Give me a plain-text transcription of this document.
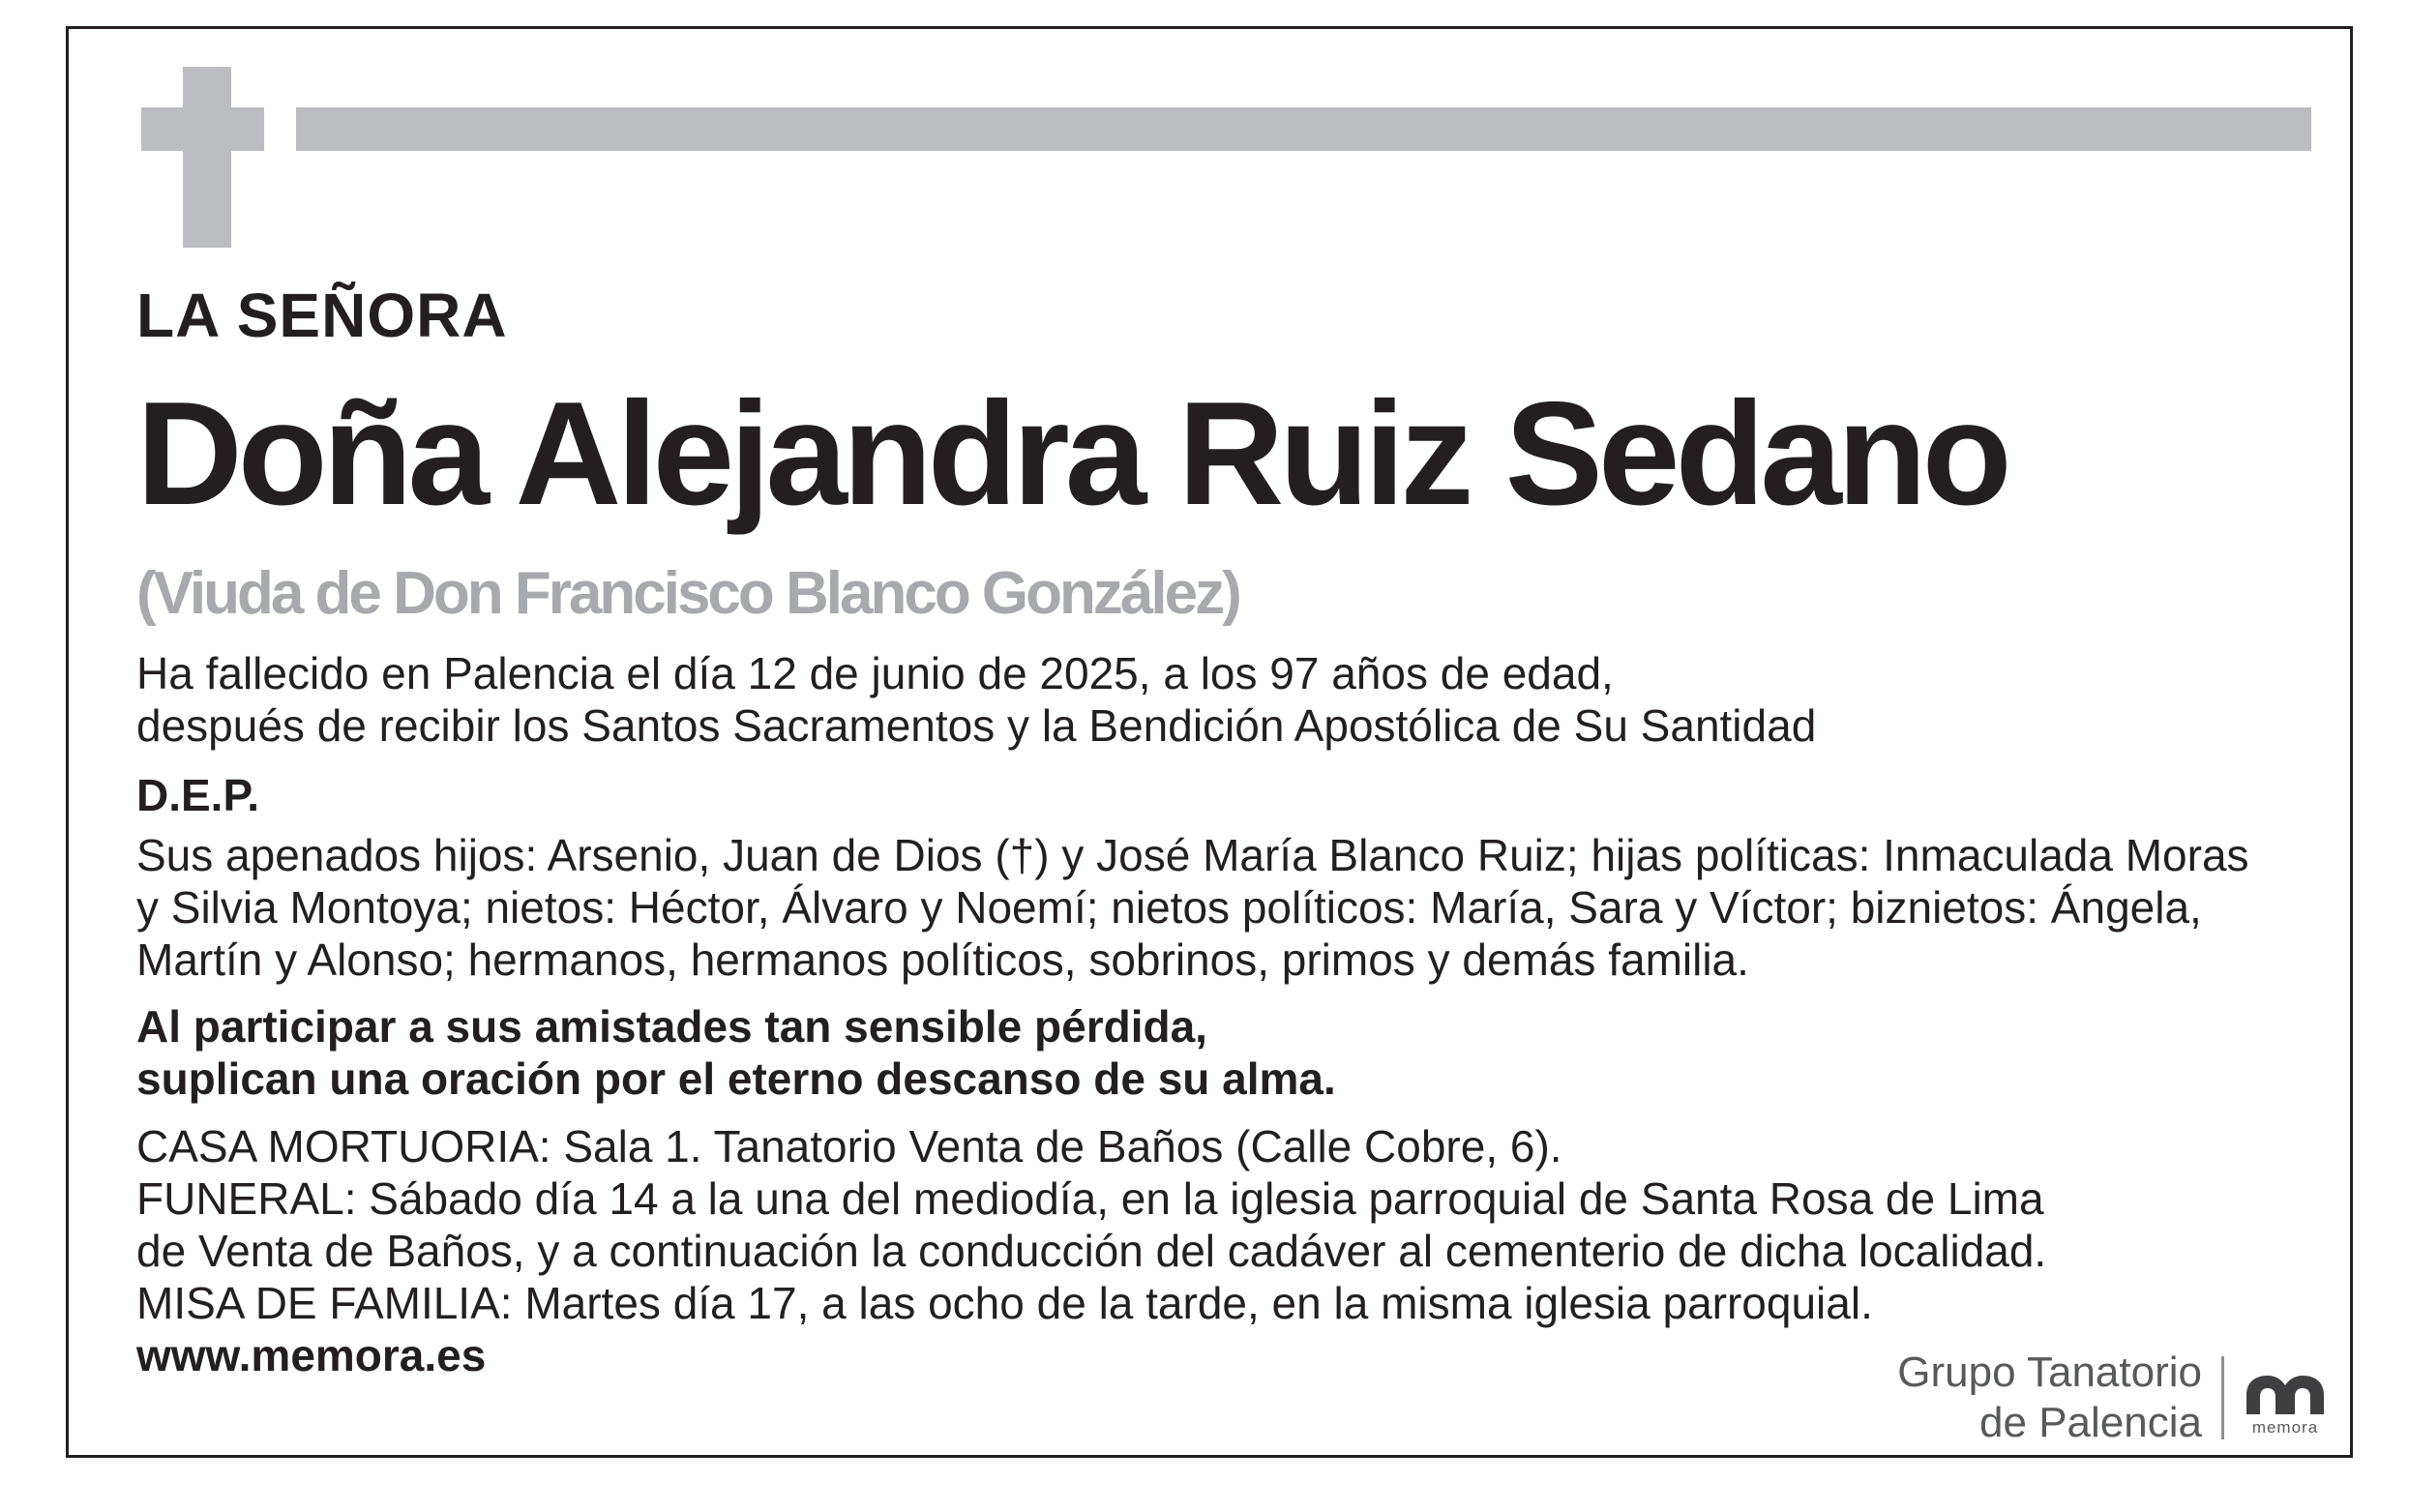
LA SEÑORA
Doña Alejandra Ruiz Sedano
(Viuda de Don Francisco Blanco González)
Ha fallecido en Palencia el día 12 de junio de 2025, a los 97 años de edad,
después de recibir los Santos Sacramentos y la Bendición Apostólica de Su Santidad
D.E.P.
Sus apenados hijos: Arsenio, Juan de Dios (†) y José María Blanco Ruiz; hijas políticas: Inmaculada Moras
y Silvia Montoya; nietos: Héctor, Álvaro y Noemí; nietos políticos: María, Sara y Víctor; biznietos: Ángela,
Martín y Alonso; hermanos, hermanos políticos, sobrinos, primos y demás familia.
Al participar a sus amistades tan sensible pérdida,
suplican una oración por el eterno descanso de su alma.
CASA MORTUORIA: Sala 1. Tanatorio Venta de Baños (Calle Cobre, 6).
FUNERAL: Sábado día 14 a la una del mediodía, en la iglesia parroquial de Santa Rosa de Lima
de Venta de Baños, y a continuación la conducción del cadáver al cementerio de dicha localidad.
MISA DE FAMILIA: Martes día 17, a las ocho de la tarde, en la misma iglesia parroquial.
www.memora.es	Grupo Tanatorio
de Palencia	memora
